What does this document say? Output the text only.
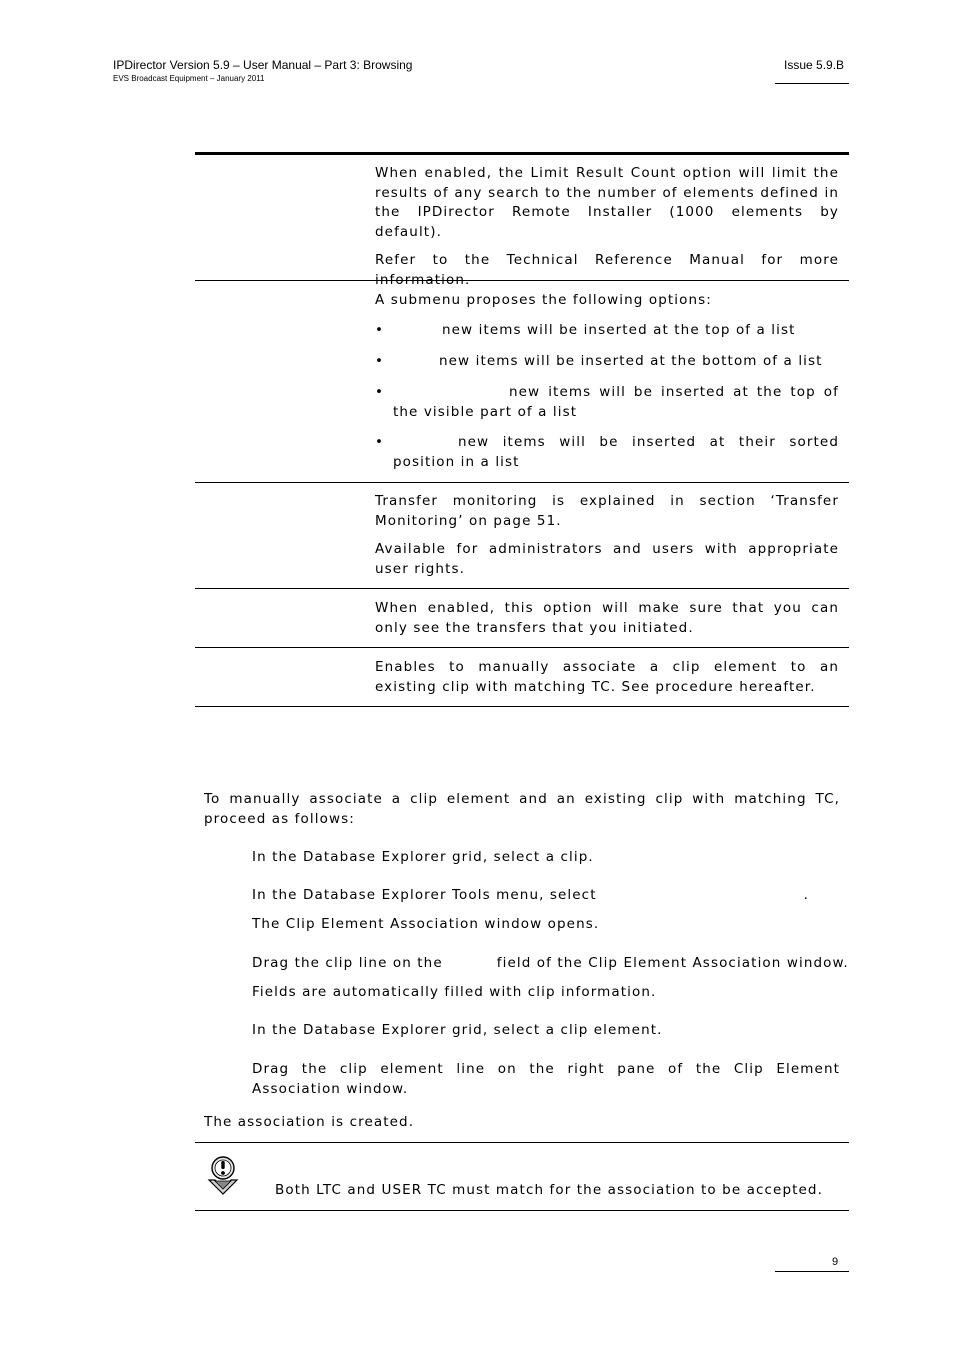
IPDirector Version 5.9 – User Manual – Part 3: Browsing
EVS Broadcast Equipment – January 2011
Issue 5.9.B

When enabled, the Limit Result Count option will limit the results of any search to the number of elements defined in the IPDirector Remote Installer (1000 elements by default).

Refer to the Technical Reference Manual for more information.

A submenu proposes the following options:
•	new items will be inserted at the top of a list
•	new items will be inserted at the bottom of a list
•	new items will be inserted at the top of the visible part of a list
•	new items will be inserted at their sorted position in a list

Transfer monitoring is explained in section ‘Transfer Monitoring’ on page 51.

Available for administrators and users with appropriate user rights.

When enabled, this option will make sure that you can only see the transfers that you initiated.
Enables to manually associate a clip element to an existing clip with matching TC. See procedure hereafter.
To manually associate a clip element and an existing clip with matching TC, proceed as follows:
In the Database Explorer grid, select a clip.
In the Database Explorer Tools menu, select	.
The Clip Element Association window opens.
Drag the clip line on the	field of the Clip Element Association window.
Fields are automatically filled with clip information.
In the Database Explorer grid, select a clip element.
Drag the clip element line on the right pane of the Clip Element Association window.
The association is created.
Both LTC and USER TC must match for the association to be accepted.
9
